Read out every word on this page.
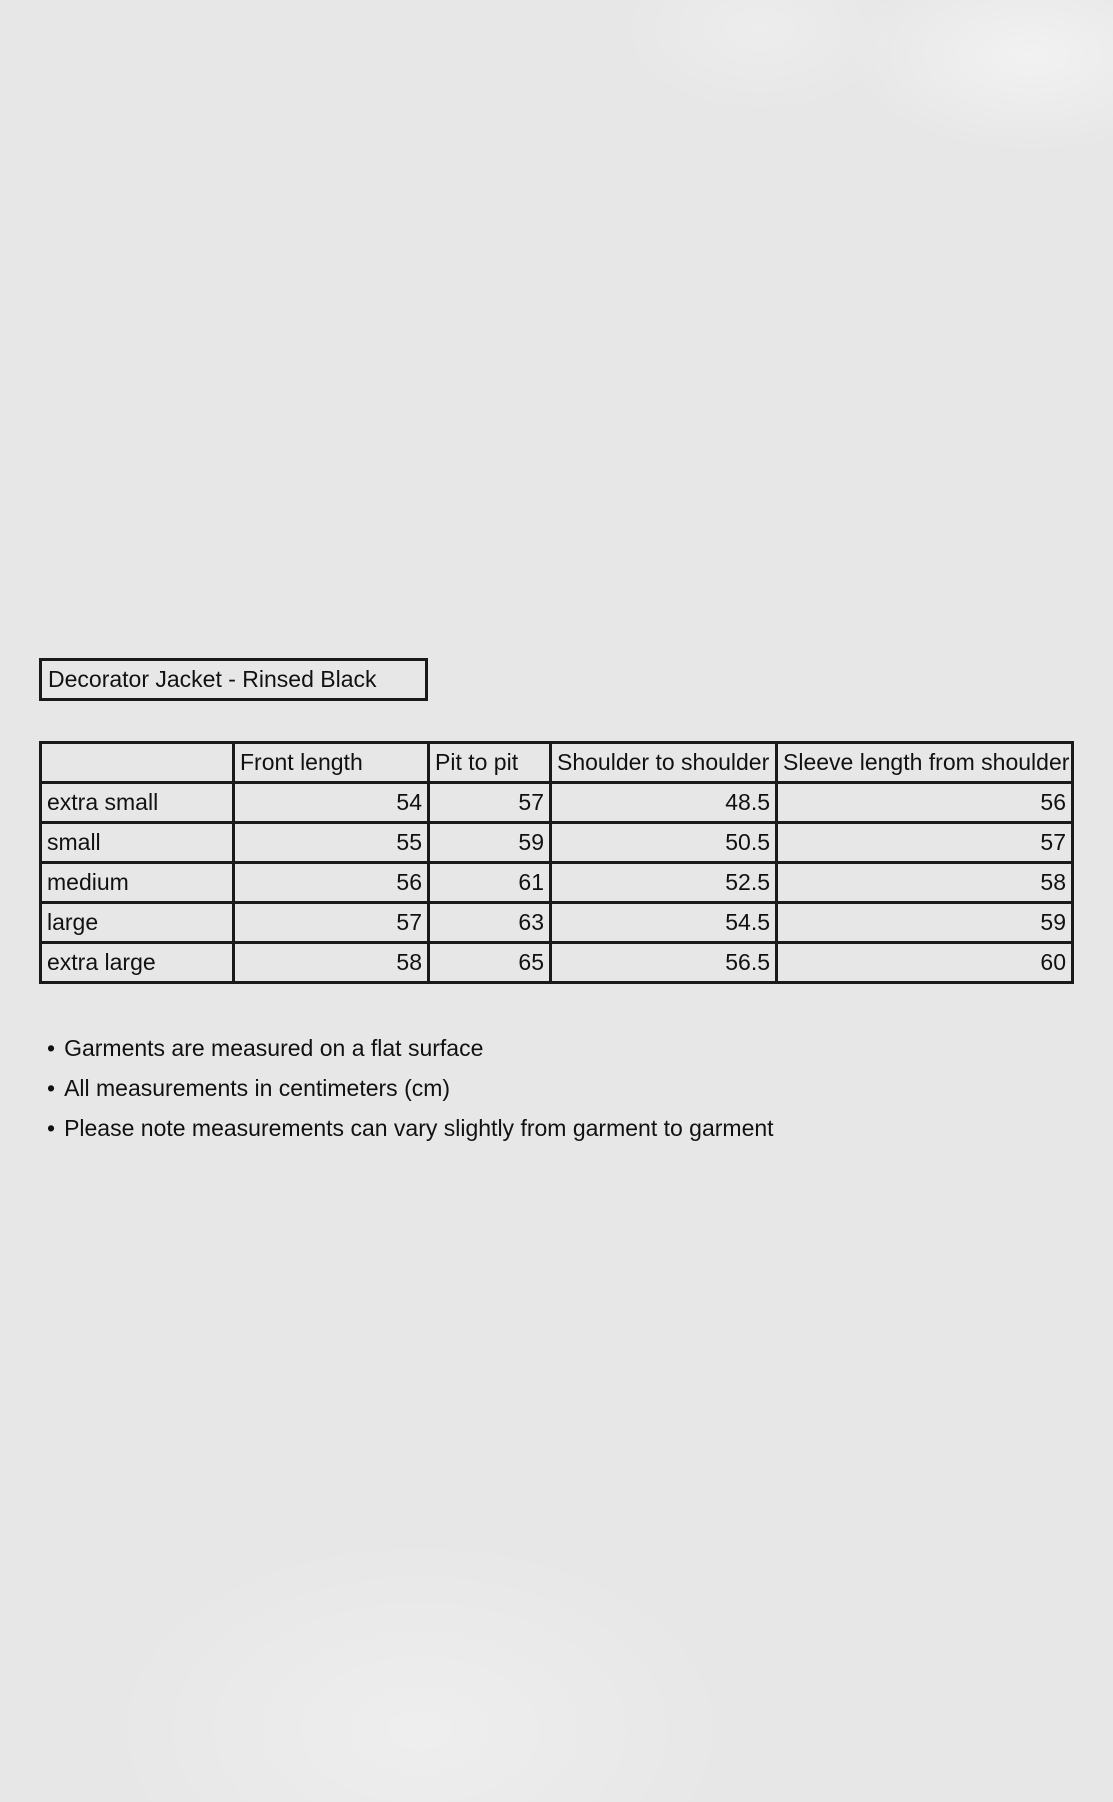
Decorator Jacket - Rinsed Black
	Front length	Pit to pit	Shoulder to shoulder	Sleeve length from shoulder
extra small	54	57	48.5	56
small	55	59	50.5	57
medium	56	61	52.5	58
large	57	63	54.5	59
extra large	58	65	56.5	60
• Garments are measured on a flat surface
• All measurements in centimeters (cm)
• Please note measurements can vary slightly from garment to garment
